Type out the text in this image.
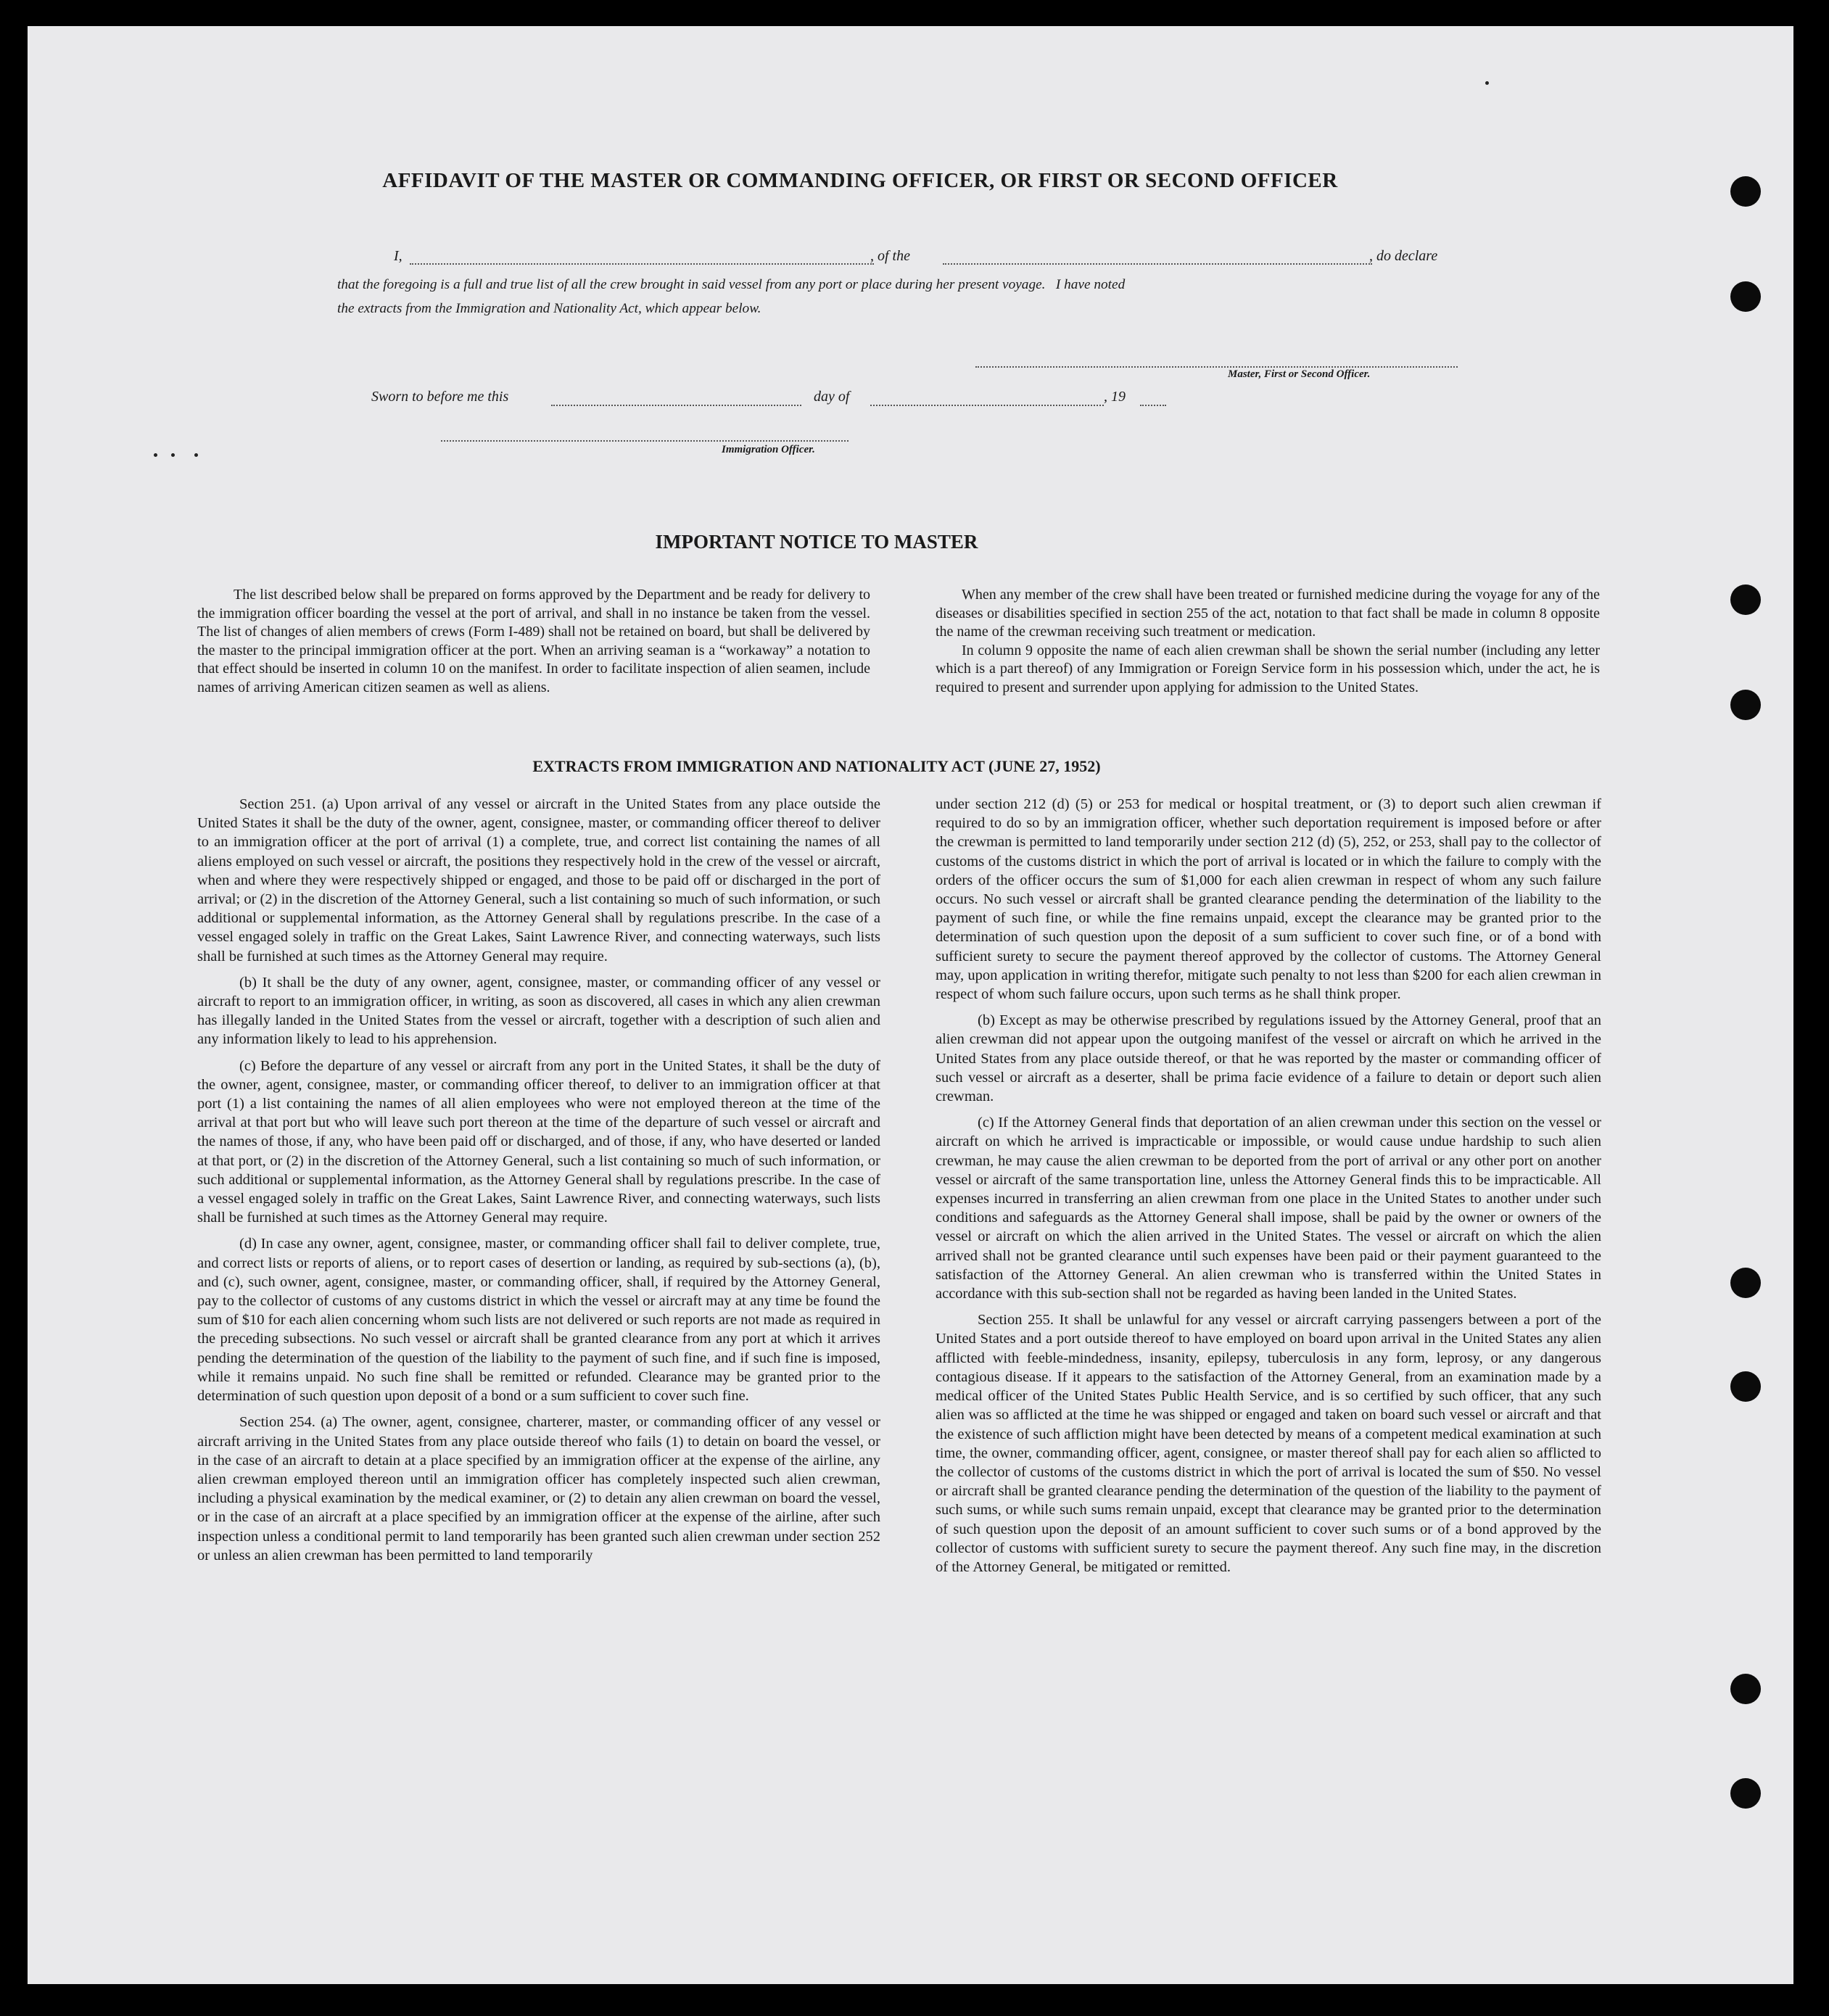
AFFIDAVIT OF THE MASTER OR COMMANDING OFFICER, OR FIRST OR SECOND OFFICER
I,	, of the	, do declare
that the foregoing is a full and true list of all the crew brought in said vessel from any port or place during her present voyage.   I have noted
the extracts from the Immigration and Nationality Act, which appear below.
Master, First or Second Officer.
Sworn to before me this	day of	, 19
Immigration Officer.
IMPORTANT NOTICE TO MASTER

The list described below shall be prepared on forms approved by the Department and be ready for delivery to the immigration officer boarding the vessel at the port of arrival, and shall in no instance be taken from the vessel. The list of changes of alien members of crews (Form I-489) shall not be retained on board, but shall be delivered by the master to the principal immigration officer at the port. When an arriving seaman is a “workaway” a notation to that effect should be inserted in column 10 on the manifest. In order to facilitate inspection of alien seamen, include names of arriving American citizen seamen as well as aliens.

When any member of the crew shall have been treated or furnished medicine during the voyage for any of the diseases or disabilities specified in section 255 of the act, notation to that fact shall be made in column 8 opposite the name of the crewman receiving such treatment or medication.

In column 9 opposite the name of each alien crewman shall be shown the serial number (including any letter which is a part thereof) of any Immigration or Foreign Service form in his possession which, under the act, he is required to present and surrender upon applying for admission to the United States.

EXTRACTS FROM IMMIGRATION AND NATIONALITY ACT (JUNE 27, 1952)

Section 251. (a) Upon arrival of any vessel or aircraft in the United States from any place outside the United States it shall be the duty of the owner, agent, consignee, master, or commanding officer thereof to deliver to an immigration officer at the port of arrival (1) a complete, true, and correct list containing the names of all aliens employed on such vessel or aircraft, the positions they respectively hold in the crew of the vessel or aircraft, when and where they were respectively shipped or engaged, and those to be paid off or discharged in the port of arrival; or (2) in the discretion of the Attorney General, such a list containing so much of such information, or such additional or supplemental information, as the Attorney General shall by regulations prescribe. In the case of a vessel engaged solely in traffic on the Great Lakes, Saint Lawrence River, and connecting waterways, such lists shall be furnished at such times as the Attorney General may require.

(b) It shall be the duty of any owner, agent, consignee, master, or commanding officer of any vessel or aircraft to report to an immigration officer, in writing, as soon as discovered, all cases in which any alien crewman has illegally landed in the United States from the vessel or aircraft, together with a description of such alien and any information likely to lead to his apprehension.

(c) Before the departure of any vessel or aircraft from any port in the United States, it shall be the duty of the owner, agent, consignee, master, or commanding officer thereof, to deliver to an immigration officer at that port (1) a list containing the names of all alien employees who were not employed thereon at the time of the arrival at that port but who will leave such port thereon at the time of the departure of such vessel or aircraft and the names of those, if any, who have been paid off or discharged, and of those, if any, who have deserted or landed at that port, or (2) in the discretion of the Attorney General, such a list containing so much of such information, or such additional or supplemental information, as the Attorney General shall by regulations prescribe. In the case of a vessel engaged solely in traffic on the Great Lakes, Saint Lawrence River, and connecting waterways, such lists shall be furnished at such times as the Attorney General may require.

(d) In case any owner, agent, consignee, master, or commanding officer shall fail to deliver complete, true, and correct lists or reports of aliens, or to report cases of desertion or landing, as required by sub-sections (a), (b), and (c), such owner, agent, consignee, master, or commanding officer, shall, if required by the Attorney General, pay to the collector of customs of any customs district in which the vessel or aircraft may at any time be found the sum of $10 for each alien concerning whom such lists are not delivered or such reports are not made as required in the preceding subsections. No such vessel or aircraft shall be granted clearance from any port at which it arrives pending the determination of the question of the liability to the payment of such fine, and if such fine is imposed, while it remains unpaid. No such fine shall be remitted or refunded. Clearance may be granted prior to the determination of such question upon deposit of a bond or a sum sufficient to cover such fine.

Section 254. (a) The owner, agent, consignee, charterer, master, or commanding officer of any vessel or aircraft arriving in the United States from any place outside thereof who fails (1) to detain on board the vessel, or in the case of an aircraft to detain at a place specified by an immigration officer at the expense of the airline, any alien crewman employed thereon until an immigration officer has completely inspected such alien crewman, including a physical examination by the medical examiner, or (2) to detain any alien crewman on board the vessel, or in the case of an aircraft at a place specified by an immigration officer at the expense of the airline, after such inspection unless a conditional permit to land temporarily has been granted such alien crewman under section 252 or unless an alien crewman has been permitted to land temporarily

under section 212 (d) (5) or 253 for medical or hospital treatment, or (3) to deport such alien crewman if required to do so by an immigration officer, whether such deportation requirement is imposed before or after the crewman is permitted to land temporarily under section 212 (d) (5), 252, or 253, shall pay to the collector of customs of the customs district in which the port of arrival is located or in which the failure to comply with the orders of the officer occurs the sum of $1,000 for each alien crewman in respect of whom any such failure occurs. No such vessel or aircraft shall be granted clearance pending the determination of the liability to the payment of such fine, or while the fine remains unpaid, except the clearance may be granted prior to the determination of such question upon the deposit of a sum sufficient to cover such fine, or of a bond with sufficient surety to secure the payment thereof approved by the collector of customs. The Attorney General may, upon application in writing therefor, mitigate such penalty to not less than $200 for each alien crewman in respect of whom such failure occurs, upon such terms as he shall think proper.

(b) Except as may be otherwise prescribed by regulations issued by the Attorney General, proof that an alien crewman did not appear upon the outgoing manifest of the vessel or aircraft on which he arrived in the United States from any place outside thereof, or that he was reported by the master or commanding officer of such vessel or aircraft as a deserter, shall be prima facie evidence of a failure to detain or deport such alien crewman.

(c) If the Attorney General finds that deportation of an alien crewman under this section on the vessel or aircraft on which he arrived is impracticable or impossible, or would cause undue hardship to such alien crewman, he may cause the alien crewman to be deported from the port of arrival or any other port on another vessel or aircraft of the same transportation line, unless the Attorney General finds this to be impracticable. All expenses incurred in transferring an alien crewman from one place in the United States to another under such conditions and safeguards as the Attorney General shall impose, shall be paid by the owner or owners of the vessel or aircraft on which the alien arrived in the United States. The vessel or aircraft on which the alien arrived shall not be granted clearance until such expenses have been paid or their payment guaranteed to the satisfaction of the Attorney General. An alien crewman who is transferred within the United States in accordance with this sub-section shall not be regarded as having been landed in the United States.

Section 255. It shall be unlawful for any vessel or aircraft carrying passengers between a port of the United States and a port outside thereof to have employed on board upon arrival in the United States any alien afflicted with feeble-mindedness, insanity, epilepsy, tuberculosis in any form, leprosy, or any dangerous contagious disease. If it appears to the satisfaction of the Attorney General, from an examination made by a medical officer of the United States Public Health Service, and is so certified by such officer, that any such alien was so afflicted at the time he was shipped or engaged and taken on board such vessel or aircraft and that the existence of such affliction might have been detected by means of a competent medical examination at such time, the owner, commanding officer, agent, consignee, or master thereof shall pay for each alien so afflicted to the collector of customs of the customs district in which the port of arrival is located the sum of $50. No vessel or aircraft shall be granted clearance pending the determination of the question of the liability to the payment of such sums, or while such sums remain unpaid, except that clearance may be granted prior to the determination of such question upon the deposit of an amount sufficient to cover such sums or of a bond approved by the collector of customs with sufficient surety to secure the payment thereof. Any such fine may, in the discretion of the Attorney General, be mitigated or remitted.
